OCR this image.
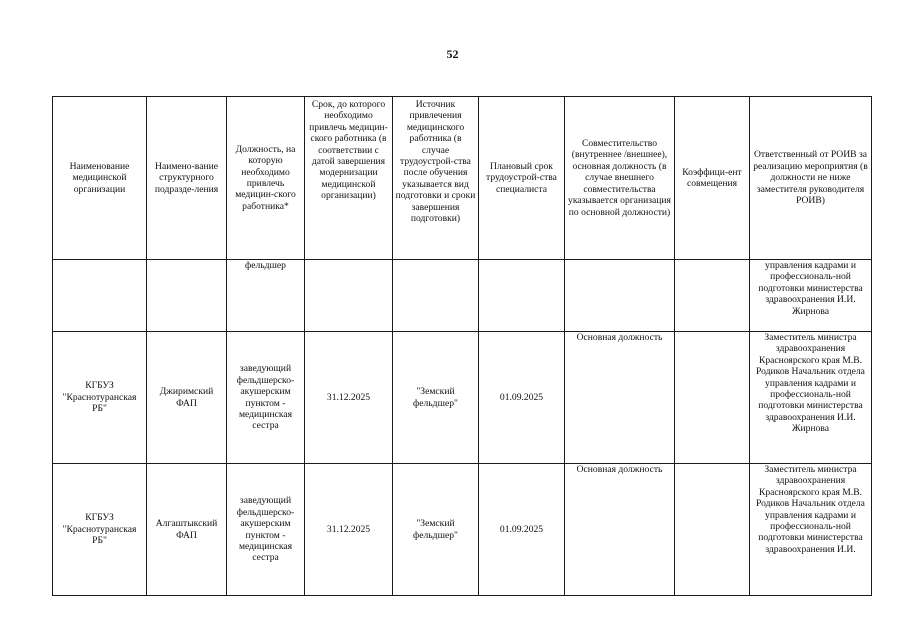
52
Наименование медицинской организации	Наимено-вание структурного подразде-ления	Должность, на которую необходимо привлечь медицин-ского работника*	Срок, до которого необходимо привлечь медицин-ского работника (в соответствии с датой завершения модернизации медицинской организации)	Источник привлечения медицинского работника (в случае трудоустрой-ства после обучения указывается вид подготовки и сроки завершения подготовки)	Плановый срок трудоустрой-ства специалиста	Совместительство (внутреннее /внешнее), основная должность (в случае внешнего совместительства указывается организация по основной должности)	Коэффици-ент совмещения	Ответственный от РОИВ за реализацию мероприятия (в должности не ниже заместителя руководителя РОИВ)
		фельдшер						управления кадрами и профессиональ-ной подготовки министерства здравоохранения И.И. Жирнова
КГБУЗ "Краснотуранская РБ"	Джиримский ФАП	заведующий фельдшерско-акушерским пунктом - медицинская сестра	31.12.2025	"Земский фельдшер"	01.09.2025	Основная должность		Заместитель министра здравоохранения Красноярского края М.В. Родиков Начальник отдела управления кадрами и профессиональ-ной подготовки министерства здравоохранения И.И. Жирнова
КГБУЗ "Краснотуранская РБ"	Алгаштыкский ФАП	заведующий фельдшерско-акушерским пунктом - медицинская сестра	31.12.2025	"Земский фельдшер"	01.09.2025	Основная должность		Заместитель министра здравоохранения Красноярского края М.В. Родиков Начальник отдела управления кадрами и профессиональ-ной подготовки министерства здравоохранения И.И.
